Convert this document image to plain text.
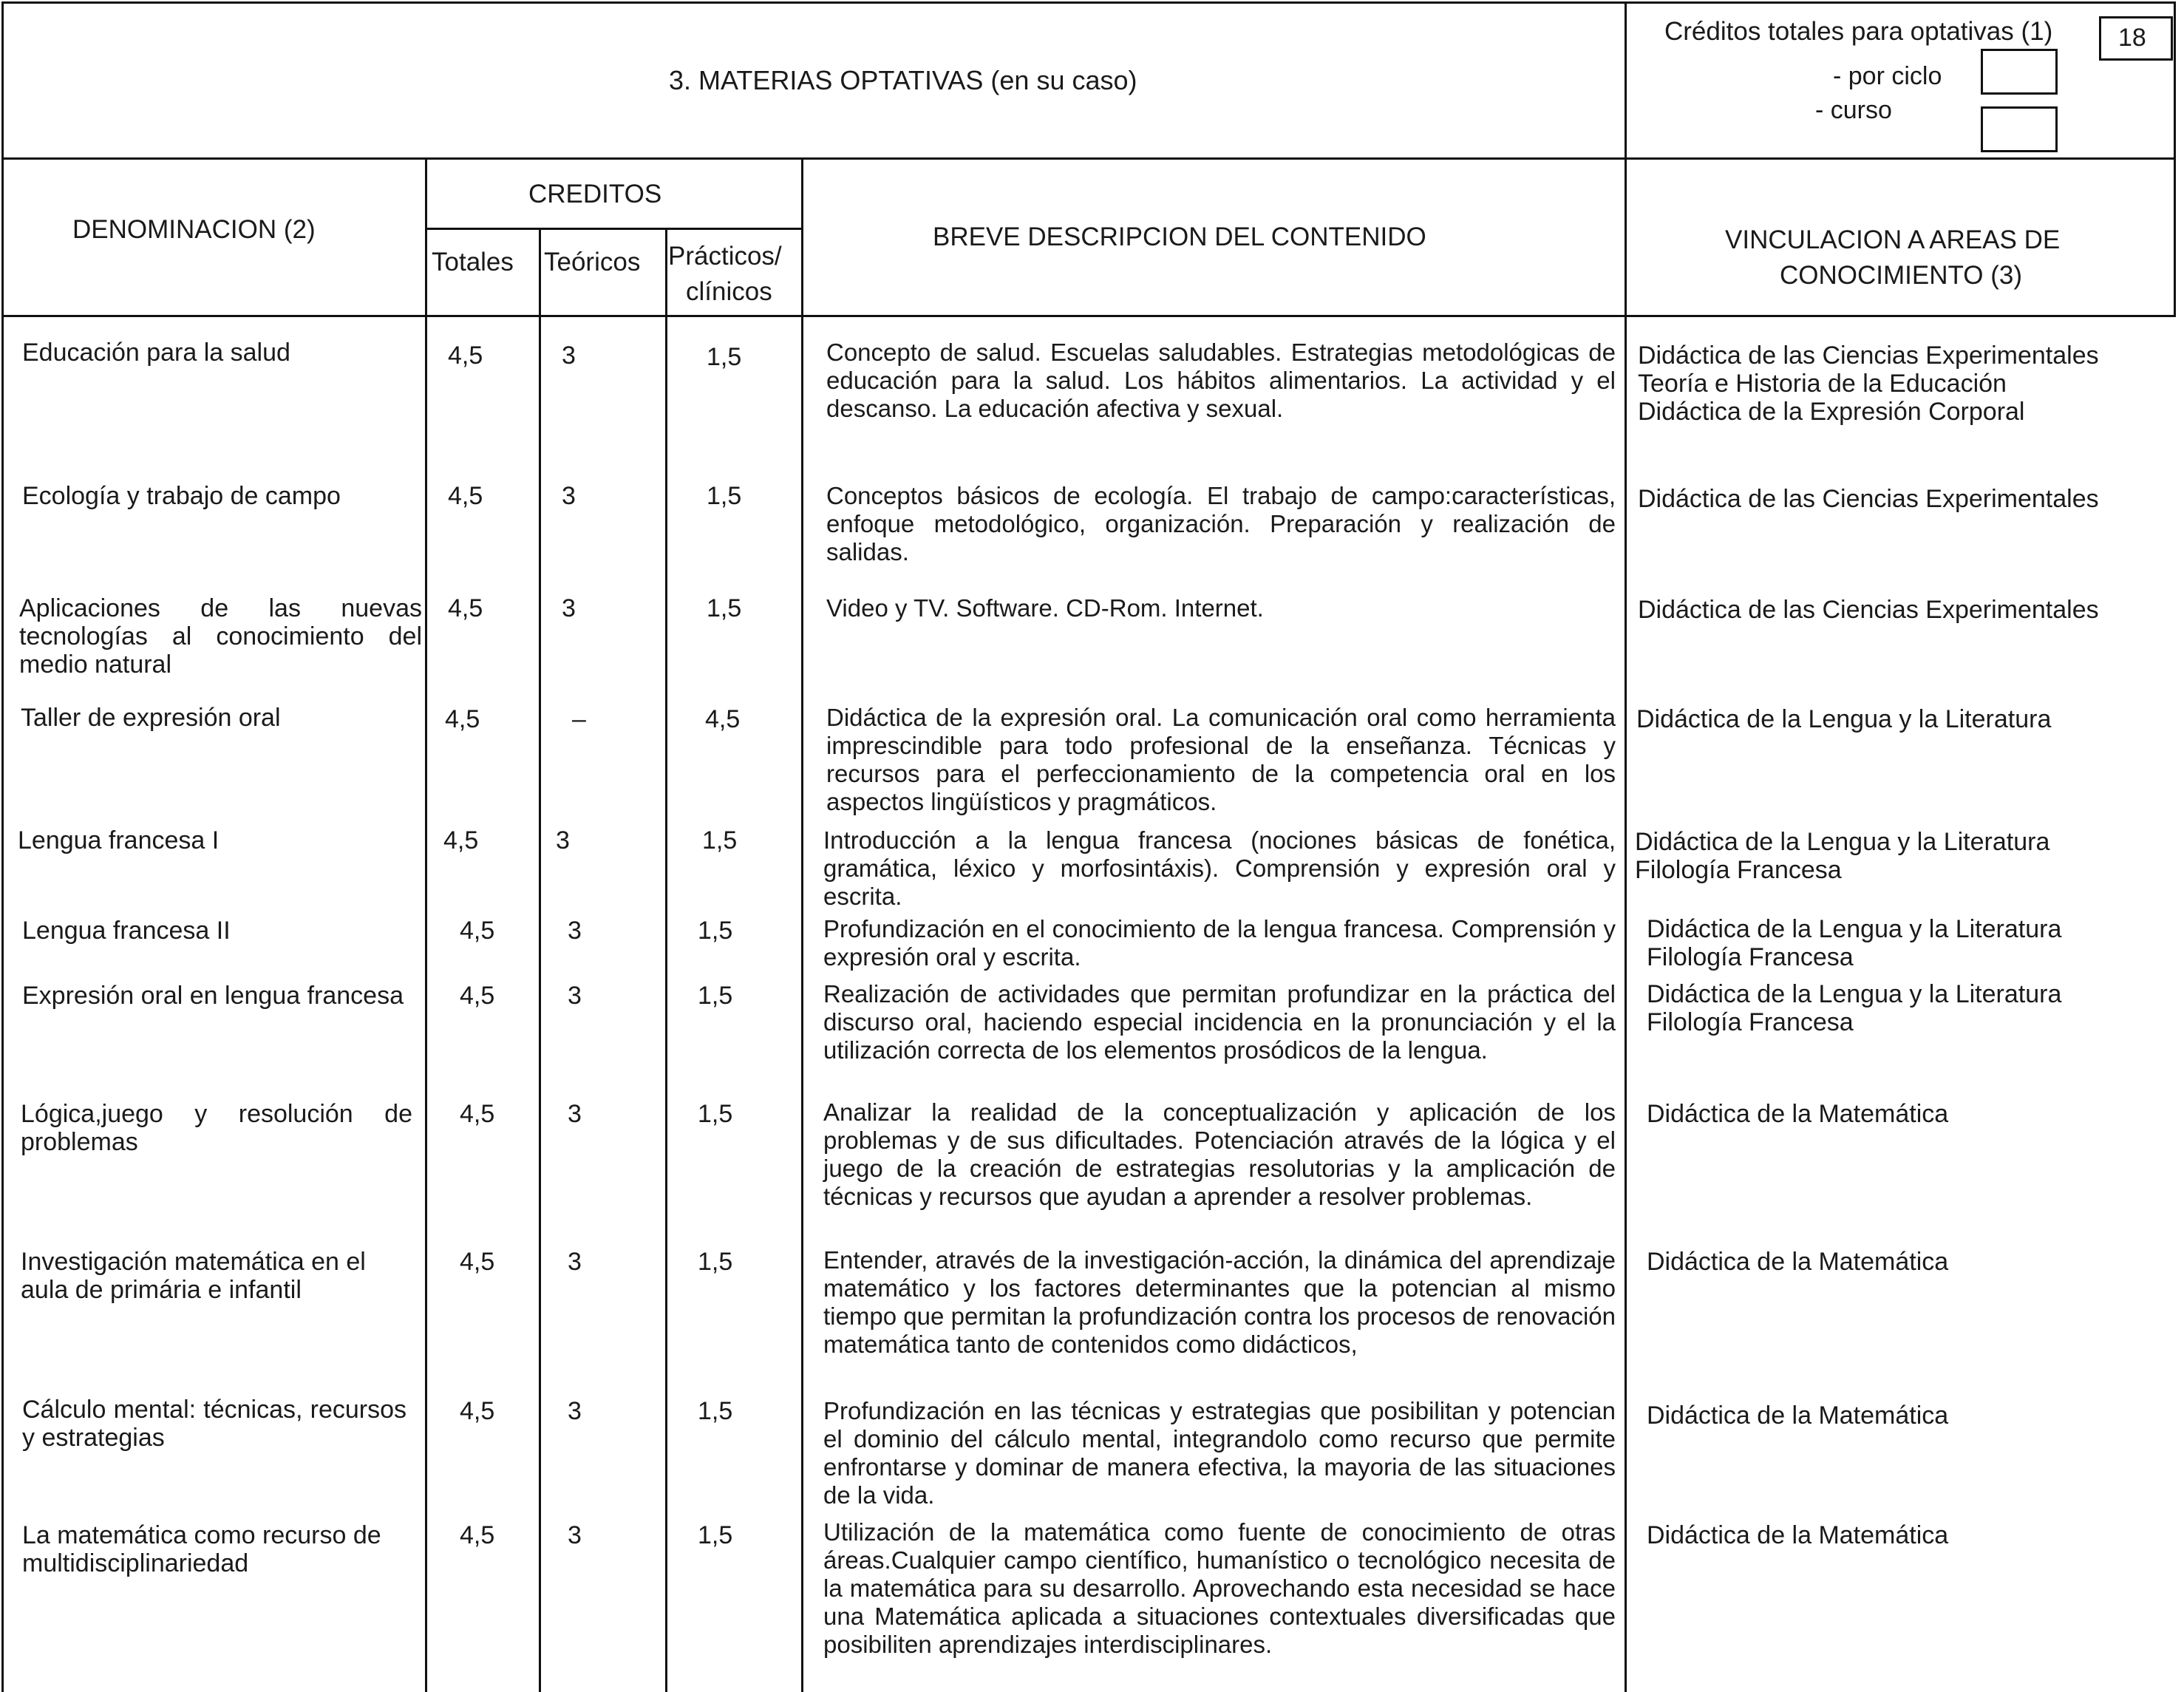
3. MATERIAS OPTATIVAS (en su caso)
Créditos totales para optativas (1)	18
- por ciclo
- curso
DENOMINACION (2)
CREDITOS
Totales Teóricos Prácticos/
clínicos
BREVE DESCRIPCION DEL CONTENIDO	VINCULACION A AREAS DE
CONOCIMIENTO (3)
Educación para la salud	4,5	3	1,5	Concepto de salud. Escuelas saludables. Estrategias metodológicas de educación para la salud. Los hábitos alimentarios. La actividad y el descanso. La educación afectiva y sexual.
Didáctica de las Ciencias Experimentales
Teoría e Historia de la Educación
Didáctica de la Expresión Corporal
Ecología y trabajo de campo	4,5	3	1,5	Conceptos básicos de ecología. El trabajo de campo:características, enfoque metodológico, organización. Preparación y realización de salidas.
Didáctica de las Ciencias Experimentales
Aplicaciones de las nuevas tecnologías al conocimiento del medio natural
4,5	3	1,5	Video y TV. Software. CD-Rom. Internet.	Didáctica de las Ciencias Experimentales
Taller de expresión oral	4,5	–	4,5	Didáctica de la expresión oral. La comunicación oral como herramienta imprescindible para todo profesional de la enseñanza. Técnicas y recursos para el perfeccionamiento de la competencia oral en los aspectos lingüísticos y pragmáticos.
Didáctica de la Lengua y la Literatura
Lengua francesa I	4,5	3	1,5	Introducción a la lengua francesa (nociones básicas de fonética, gramática, léxico y morfosintáxis). Comprensión y expresión oral y escrita.
Didáctica de la Lengua y la Literatura
Filología Francesa
Lengua francesa II	4,5	3	1,5	Profundización en el conocimiento de la lengua francesa. Comprensión y expresión oral y escrita.
Didáctica de la Lengua y la Literatura
Filología Francesa
Expresión oral en lengua francesa	4,5	3	1,5	Realización de actividades que permitan profundizar en la práctica del discurso oral, haciendo especial incidencia en la pronunciación y el la utilización correcta de los elementos prosódicos de la lengua.
Didáctica de la Lengua y la Literatura
Filología Francesa
Lógica,juego y resolución de problemas
4,5	3	1,5	Analizar la realidad de la conceptualización y aplicación de los problemas y de sus dificultades. Potenciación através de la lógica y el juego de la creación de estrategias resolutorias y la amplicación de técnicas y recursos que ayudan a aprender a resolver problemas.
Didáctica de la Matemática
Investigación matemática en el aula de primária e infantil
4,5	3	1,5	Entender, através de la investigación-acción, la dinámica del aprendizaje matemático y los factores determinantes que la potencian al mismo tiempo que permitan la profundización contra los procesos de renovación matemática tanto de contenidos como didácticos,
Didáctica de la Matemática
Cálculo mental: técnicas, recursos y estrategias
4,5	3	1,5	Profundización en las técnicas y estrategias que posibilitan y potencian el dominio del cálculo mental, integrandolo como recurso que permite enfrontarse y dominar de manera efectiva, la mayoria de las situaciones de la vida.
Didáctica de la Matemática
La matemática como recurso de multidisciplinariedad
4,5	3	1,5	Utilización de la matemática como fuente de conocimiento de otras áreas.Cualquier campo científico, humanístico o tecnológico necesita de la matemática para su desarrollo. Aprovechando esta necesidad se hace una Matemática aplicada a situaciones contextuales diversificadas que posibiliten aprendizajes interdisciplinares.
Didáctica de la Matemática
